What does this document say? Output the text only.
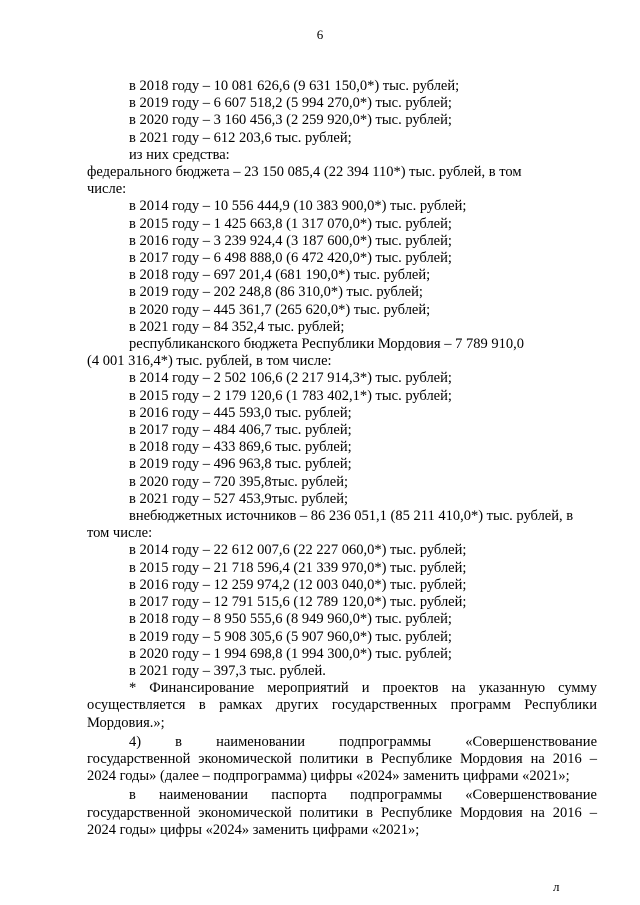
6
в 2018 году – 10 081 626,6 (9 631 150,0*) тыс. рублей;
в 2019 году – 6 607 518,2 (5 994 270,0*) тыс. рублей;
в 2020 году – 3 160 456,3 (2 259 920,0*) тыс. рублей;
в 2021 году – 612 203,6 тыс. рублей;
из них средства:
федерального бюджета – 23 150 085,4 (22 394 110*) тыс. рублей, в том
числе:
в 2014 году – 10 556 444,9 (10 383 900,0*) тыс. рублей;
в 2015 году – 1 425 663,8 (1 317 070,0*) тыс. рублей;
в 2016 году – 3 239 924,4 (3 187 600,0*) тыс. рублей;
в 2017 году – 6 498 888,0 (6 472 420,0*) тыс. рублей;
в 2018 году – 697 201,4 (681 190,0*) тыс. рублей;
в 2019 году – 202 248,8 (86 310,0*) тыс. рублей;
в 2020 году – 445 361,7 (265 620,0*) тыс. рублей;
в 2021 году – 84 352,4 тыс. рублей;
республиканского бюджета Республики Мордовия – 7 789 910,0
(4 001 316,4*) тыс. рублей, в том числе:
в 2014 году – 2 502 106,6 (2 217 914,3*) тыс. рублей;
в 2015 году – 2 179 120,6 (1 783 402,1*) тыс. рублей;
в 2016 году – 445 593,0 тыс. рублей;
в 2017 году – 484 406,7 тыс. рублей;
в 2018 году – 433 869,6 тыс. рублей;
в 2019 году – 496 963,8 тыс. рублей;
в 2020 году – 720 395,8тыс. рублей;
в 2021 году – 527 453,9тыс. рублей;
внебюджетных источников – 86 236 051,1 (85 211 410,0*) тыс. рублей, в
том числе:
в 2014 году – 22 612 007,6 (22 227 060,0*) тыс. рублей;
в 2015 году – 21 718 596,4 (21 339 970,0*) тыс. рублей;
в 2016 году – 12 259 974,2 (12 003 040,0*) тыс. рублей;
в 2017 году – 12 791 515,6 (12 789 120,0*) тыс. рублей;
в 2018 году – 8 950 555,6 (8 949 960,0*) тыс. рублей;
в 2019 году – 5 908 305,6 (5 907 960,0*) тыс. рублей;
в 2020 году – 1 994 698,8 (1 994 300,0*) тыс. рублей;
в 2021 году – 397,3 тыс. рублей.
* Финансирование мероприятий и проектов на указанную сумму
осуществляется в рамках других государственных программ Республики
Мордовия.»;
4) в наименовании подпрограммы «Совершенствование
государственной экономической политики в Республике Мордовия на 2016 –
2024 годы» (далее – подпрограмма) цифры «2024» заменить цифрами «2021»;
в наименовании паспорта подпрограммы «Совершенствование
государственной экономической политики в Республике Мордовия на 2016 –
2024 годы» цифры «2024» заменить цифрами «2021»;
л
